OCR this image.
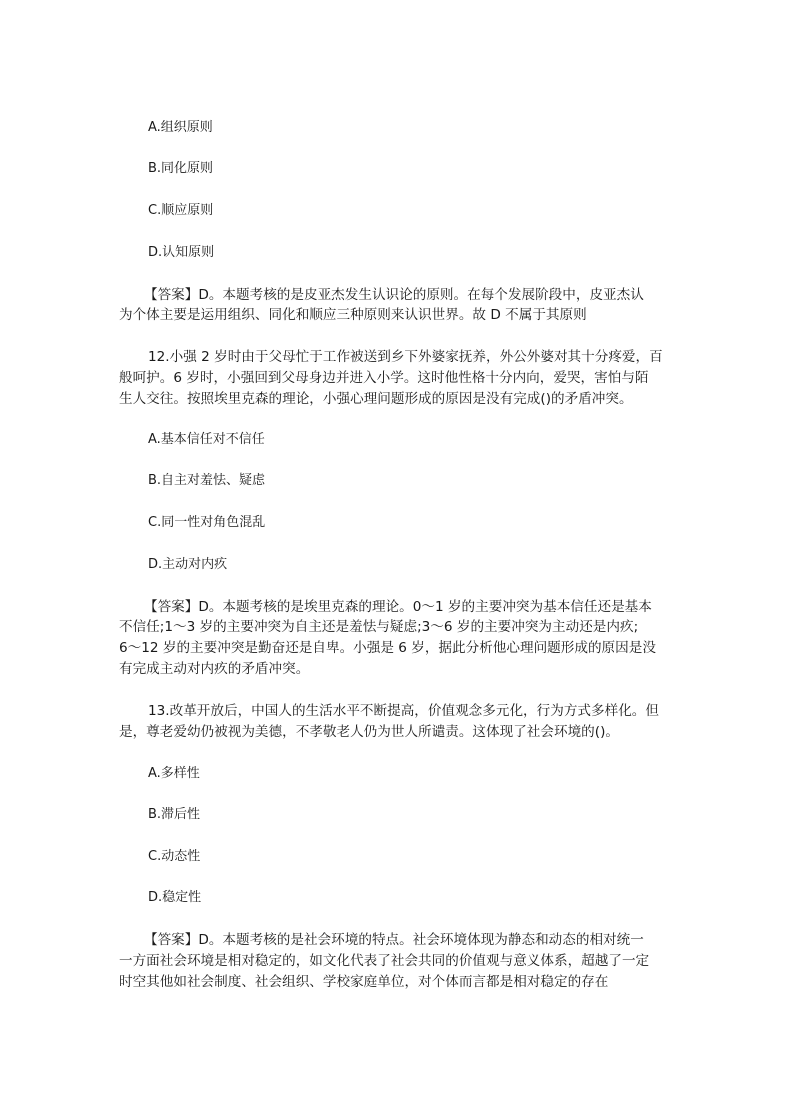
A.组织原则
B.同化原则
C.顺应原则
D.认知原则
【答案】D。本题考核的是皮亚杰发生认识论的原则。在每个发展阶段中，皮亚杰认
为个体主要是运用组织、同化和顺应三种原则来认识世界。故 D 不属于其原则
12.小强 2 岁时由于父母忙于工作被送到乡下外婆家抚养，外公外婆对其十分疼爱，百
般呵护。6 岁时，小强回到父母身边并进入小学。这时他性格十分内向，爱哭，害怕与陌
生人交往。按照埃里克森的理论，小强心理问题形成的原因是没有完成()的矛盾冲突。
A.基本信任对不信任
B.自主对羞怯、疑虑
C.同一性对角色混乱
D.主动对内疚
【答案】D。本题考核的是埃里克森的理论。0～1 岁的主要冲突为基本信任还是基本
不信任;1～3 岁的主要冲突为自主还是羞怯与疑虑;3～6 岁的主要冲突为主动还是内疚;
6～12 岁的主要冲突是勤奋还是自卑。小强是 6 岁，据此分析他心理问题形成的原因是没
有完成主动对内疚的矛盾冲突。
13.改革开放后，中国人的生活水平不断提高，价值观念多元化，行为方式多样化。但
是，尊老爱幼仍被视为美德，不孝敬老人仍为世人所谴责。这体现了社会环境的()。
A.多样性
B.滞后性
C.动态性
D.稳定性
【答案】D。本题考核的是社会环境的特点。社会环境体现为静态和动态的相对统一
一方面社会环境是相对稳定的，如文化代表了社会共同的价值观与意义体系，超越了一定
时空其他如社会制度、社会组织、学校家庭单位，对个体而言都是相对稳定的存在
